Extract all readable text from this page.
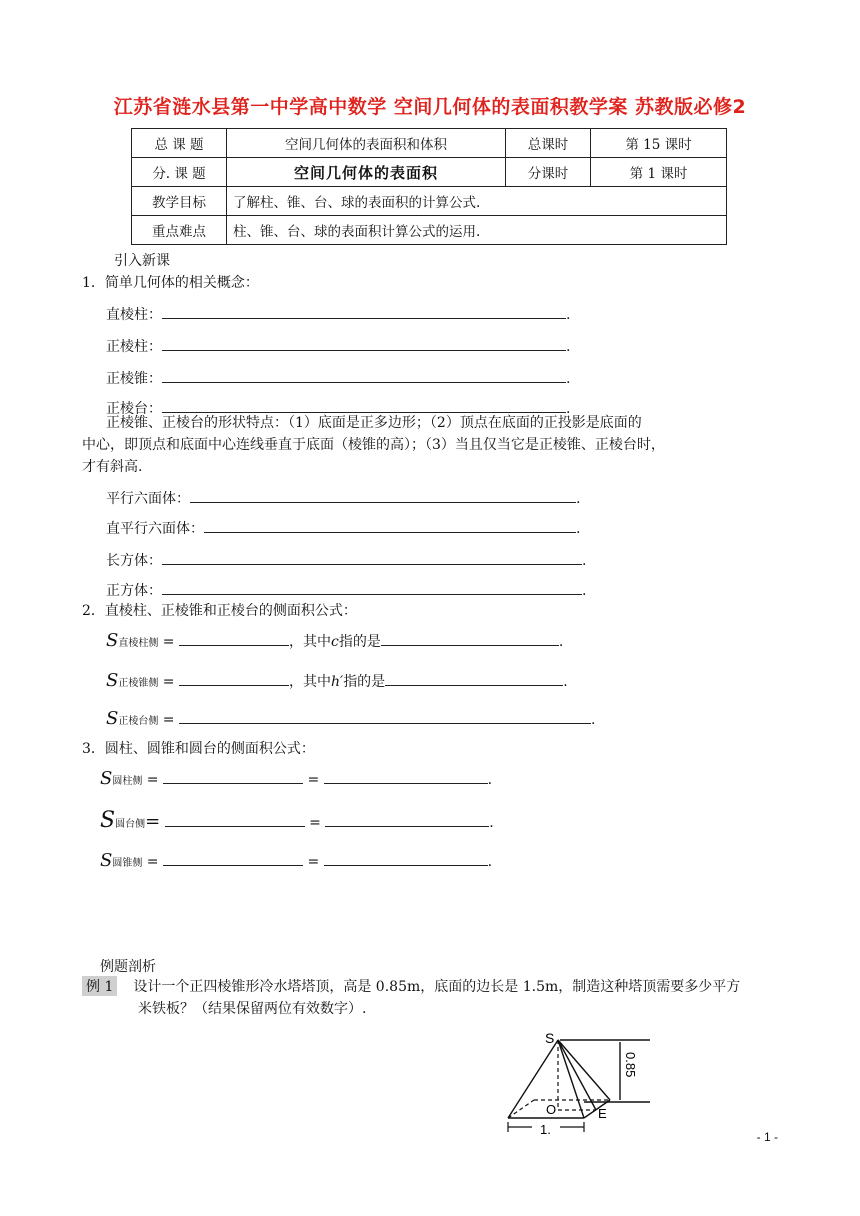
江苏省涟水县第一中学高中数学 空间几何体的表面积教学案 苏教版必修2
总 课 题	空间几何体的表面积和体积	总课时	第 15 课时
分. 课 题	空间几何体的表面积	分课时	第 1 课时
教学目标	了解柱、锥、台、球的表面积的计算公式.		
重点难点	柱、锥、台、球的表面积计算公式的运用.		
引入新课
1．简单几何体的相关概念：
直棱柱：	.
正棱柱：	.
正棱锥：	.
正棱台：	.
正棱锥、正棱台的形状特点：（1）底面是正多边形；（2）顶点在底面的正投影是底面的
中心，即顶点和底面中心连线垂直于底面（棱锥的高）；（3）当且仅当它是正棱锥、正棱台时，
才有斜高.
平行六面体：	.
直平行六面体：	.
长方体：	.
正方体：	.
2．直棱柱、正棱锥和正棱台的侧面积公式：
S直棱柱侧 =	，其中c指的是	.
S正棱锥侧 =	，其中h′指的是	.
S正棱台侧 =	.
3．圆柱、圆锥和圆台的侧面积公式：
S圆柱侧 =	=	.
S圆台侧=	=	.
S圆锥侧 =	=	.
例题剖析
例 1 设计一个正四棱锥形冷水塔塔顶，高是 0.85m，底面的边长是 1.5m，制造这种塔顶需要多少平方
米铁板？（结果保留两位有效数字）.
S
O	E
1.
0.85
- 1 -
